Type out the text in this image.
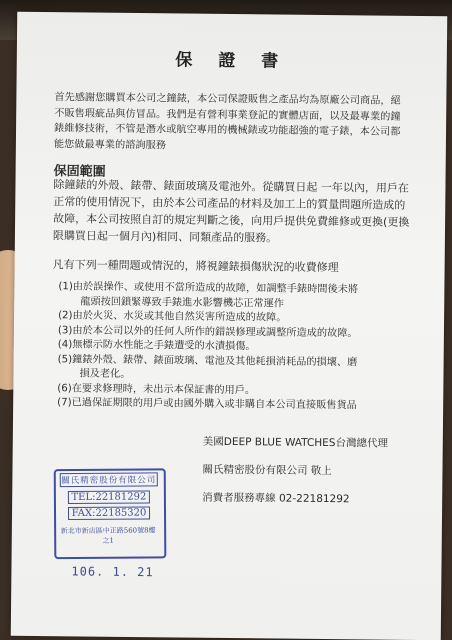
保 證 書
首先感謝您購買本公司之鐘錶，本公司保證販售之產品均為原廠公司商品，絕不販售瑕疵品與仿冒品。我們是有營利事業登記的實體店面，以及最專業的鐘錶維修技術，不管是潛水或航空專用的機械錶或功能超強的電子錶，本公司都能您做最專業的諮詢服務
保固範圍
除鐘錶的外殼、錶帶、錶面玻璃及電池外。從購買日起 一年以內，用戶在正常的使用情況下，由於本公司產品的材料及加工上的質量問題所造成的故障，本公司按照自訂的規定判斷之後，向用戶提供免費維修或更換(更換限購買日起一個月內)相同、同類產品的服務。
凡有下列一種問題或情況的，將視鐘錶損傷狀況的收費修理
(1)由於誤操作、或使用不當所造成的故障，如調整手錶時間後未將
龍頭按回鎖緊導致手錶進水影響機芯正常運作
(2)由於火災、水災或其他自然災害所造成的故障。
(3)由於本公司以外的任何人所作的錯誤修理或調整所造成的故障。
(4)無標示防水性能之手錶遭受的水漬損傷。
(5)鐘錶外殼、錶帶、錶面玻璃、電池及其他耗損消耗品的損壞、磨
損及老化。
(6)在要求修理時，未出示本保証書的用戶。
(7)已過保証期限的用戶或由國外購入或非購自本公司直接販售貨品
美國DEEP BLUE WATCHES台灣總代理
關氏精密股份有限公司 敬上
消費者服務專線 02-22181292
關氏精密股份有限公司
TEL:22181292
FAX:22185320
新北市新店區中正路560號8樓之1
106. 1. 21
